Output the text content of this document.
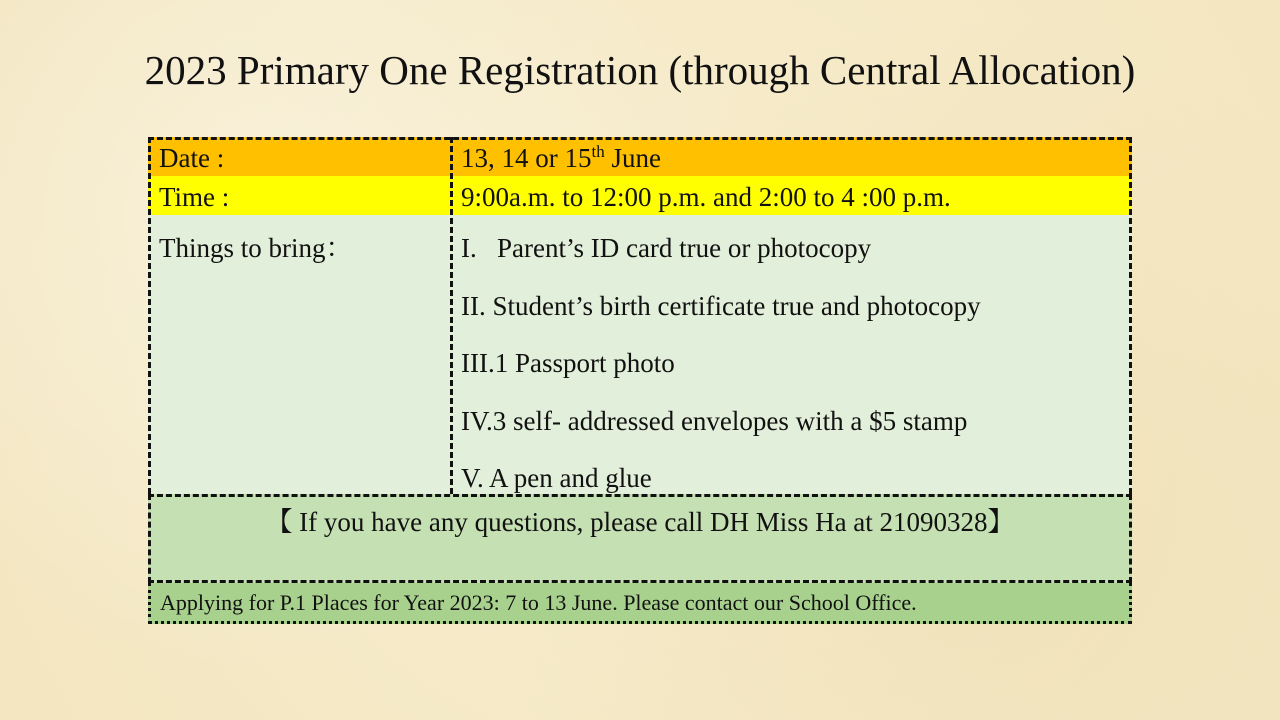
2023 Primary One Registration (through Central Allocation)
Date :	13, 14 or 15th June
Time :	9:00a.m. to 12:00 p.m. and 2:00 to 4 :00 p.m.
Things to bring：	I.   Parent’s ID card true or photocopy
II. Student’s birth certificate true and photocopy
III.1 Passport photo
IV.3 self- addressed envelopes with a $5 stamp
V. A pen and glue
【 If you have any questions, please call DH Miss Ha at 21090328】
Applying for P.1 Places for Year 2023: 7 to 13 June. Please contact our School Office.
